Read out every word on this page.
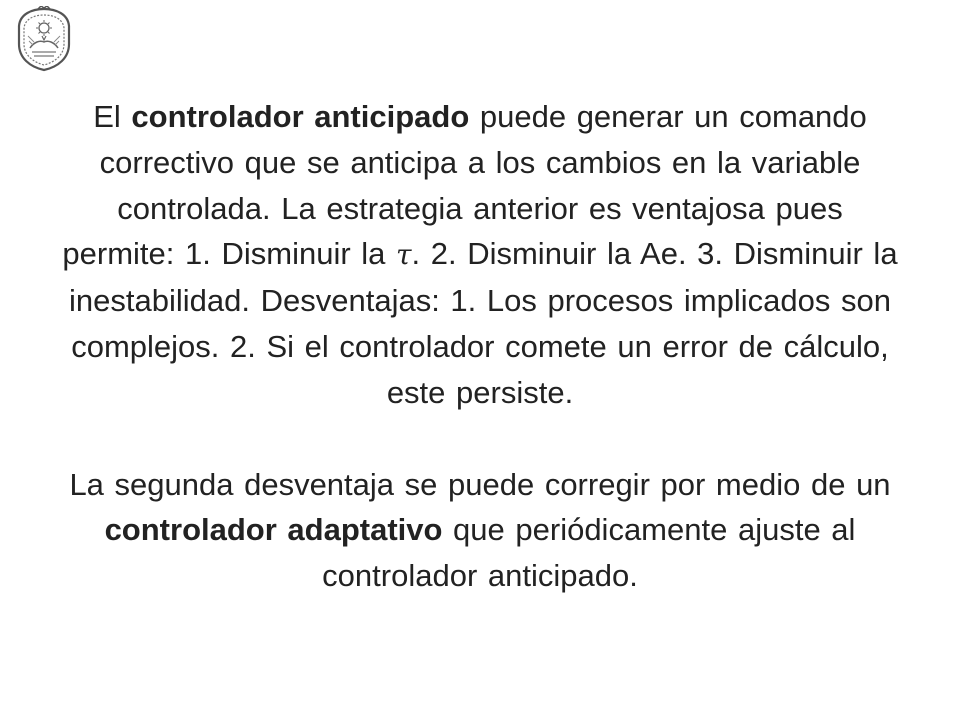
El controlador anticipado puede generar un comando correctivo que se anticipa a los cambios en la variable controlada. La estrategia anterior es ventajosa pues permite: 1. Disminuir la τ. 2. Disminuir la Ae. 3. Disminuir la inestabilidad. Desventajas: 1. Los procesos implicados son complejos. 2. Si el controlador comete un error de cálculo, este persiste.

La segunda desventaja se puede corregir por medio de un controlador adaptativo que periódicamente ajuste al controlador anticipado.
